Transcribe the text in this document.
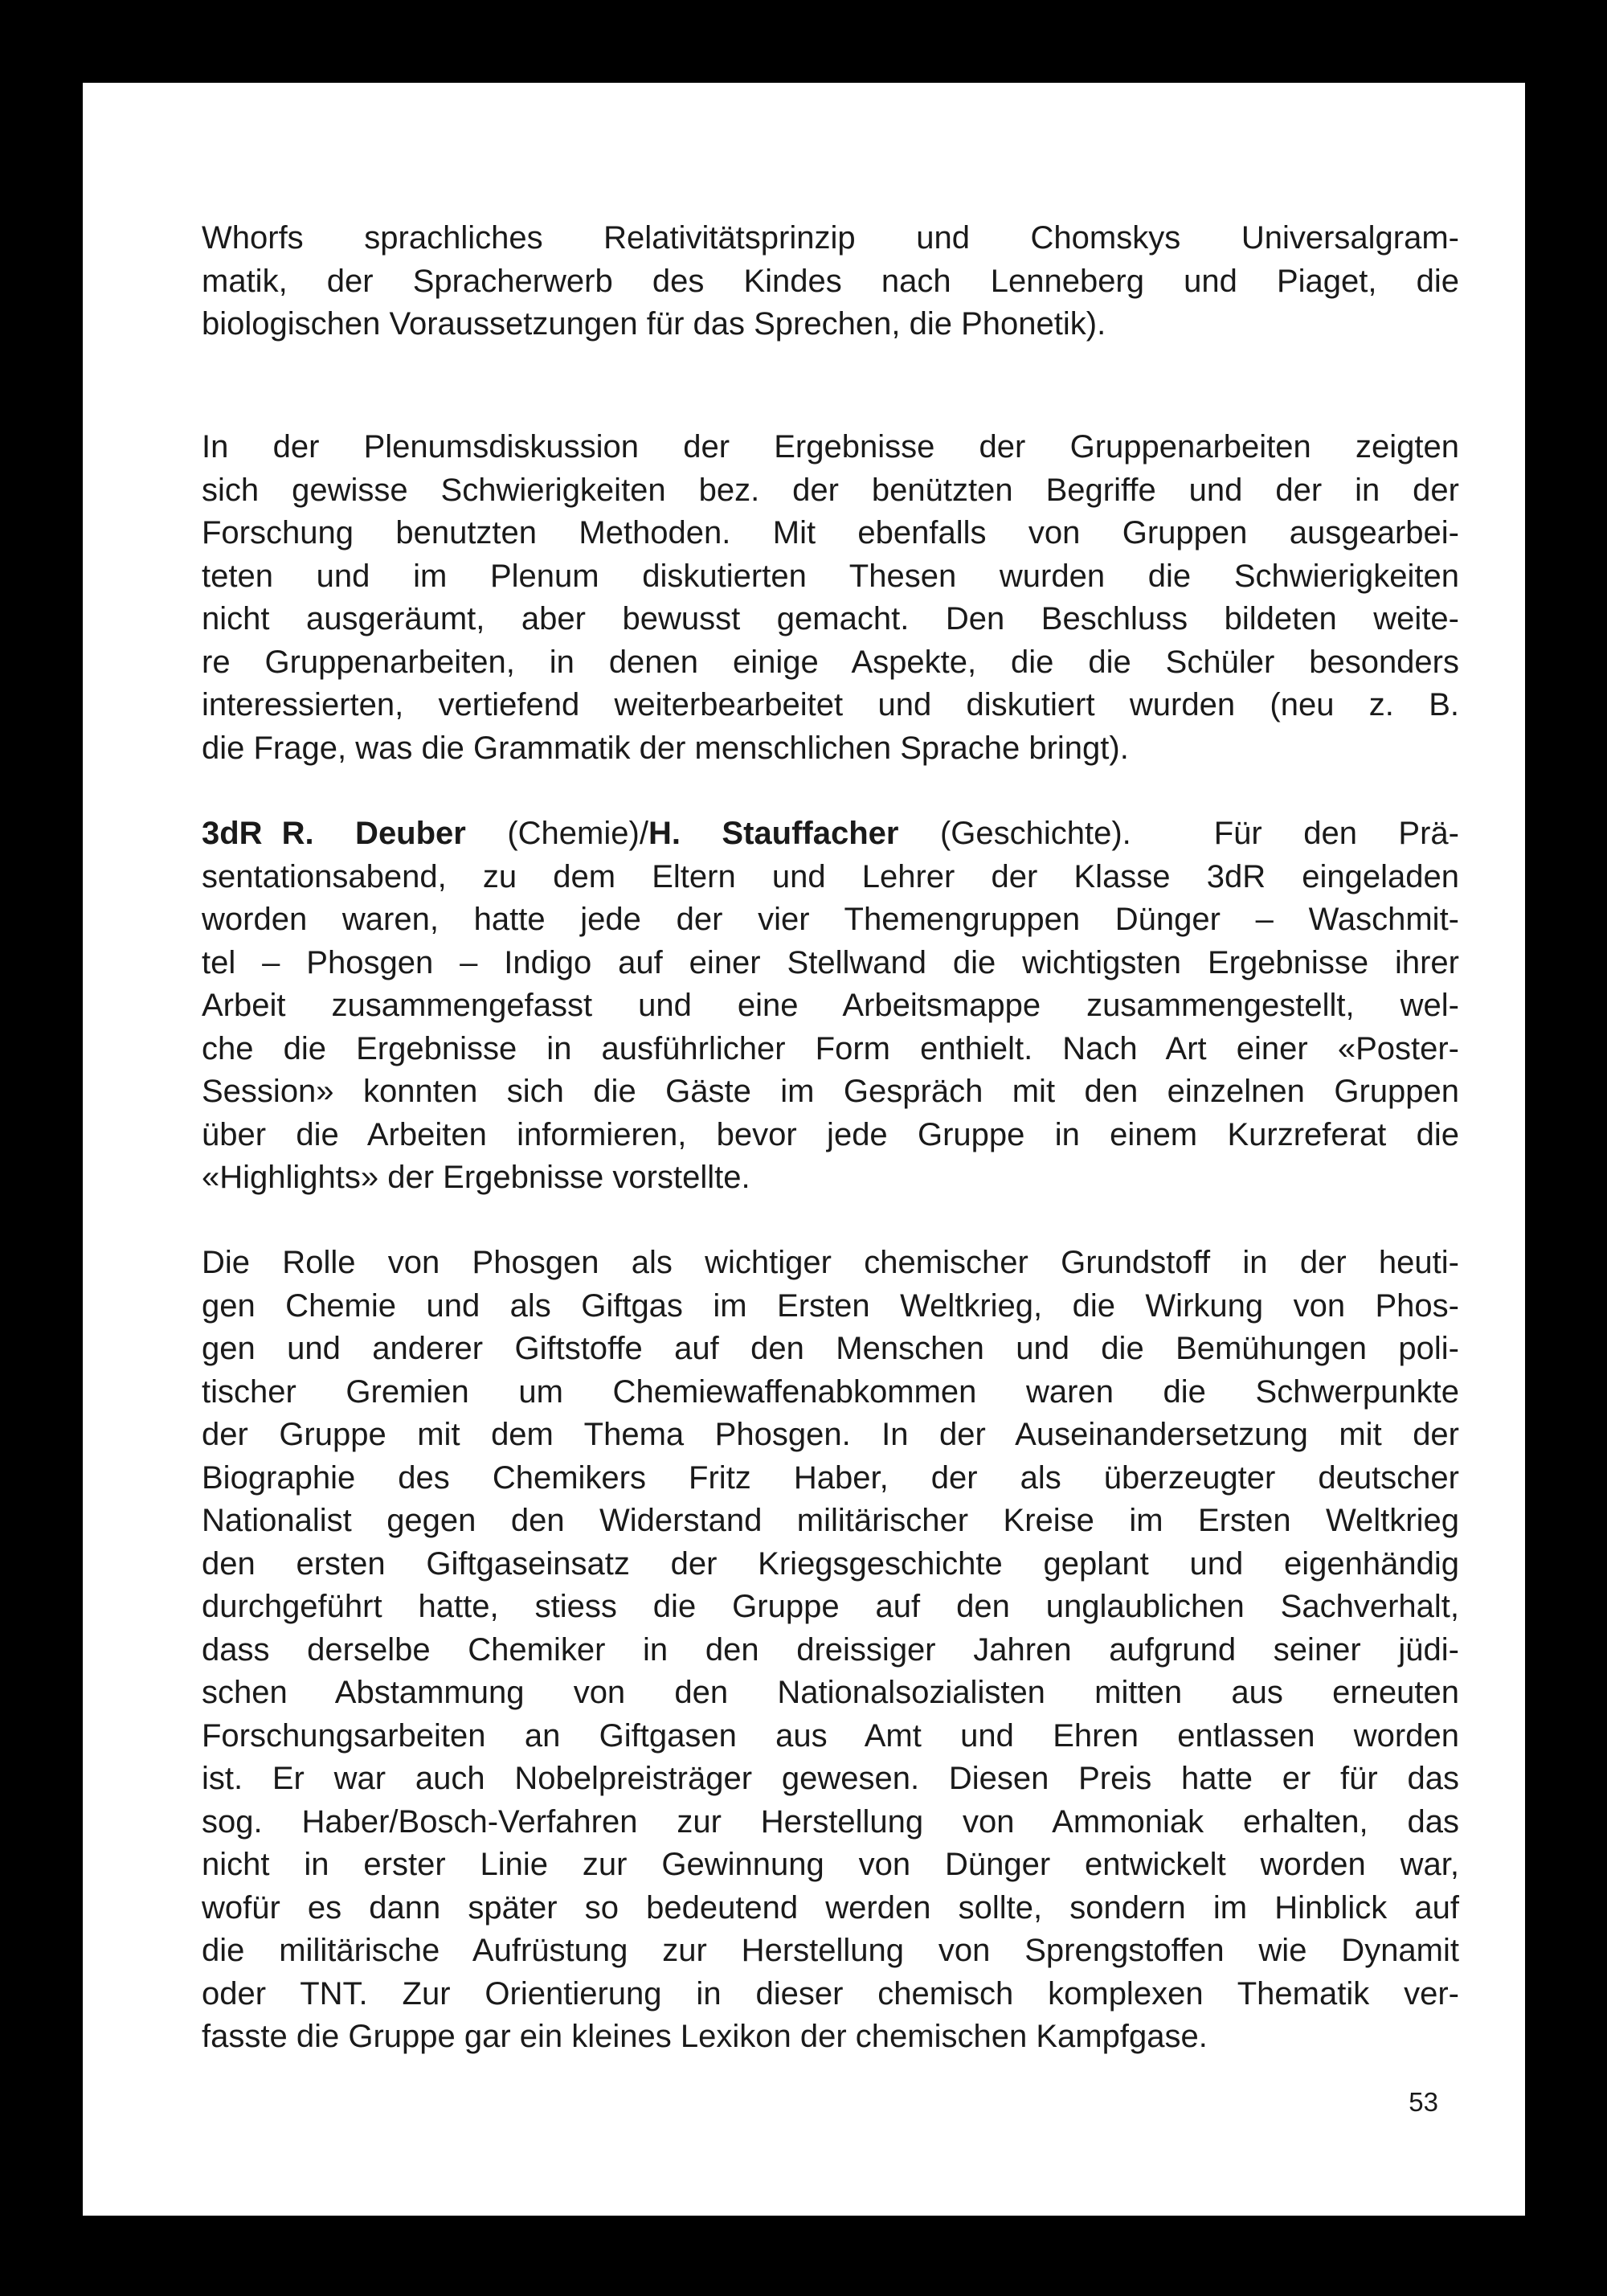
Whorfs sprachliches Relativitätsprinzip und Chomskys Universalgram-
matik, der Spracherwerb des Kindes nach Lenneberg und Piaget, die
biologischen Voraussetzungen für das Sprechen, die Phonetik).
In der Plenumsdiskussion der Ergebnisse der Gruppenarbeiten zeigten
sich gewisse Schwierigkeiten bez. der benützten Begriffe und der in der
Forschung benutzten Methoden. Mit ebenfalls von Gruppen ausgearbei-
teten und im Plenum diskutierten Thesen wurden die Schwierigkeiten
nicht ausgeräumt, aber bewusst gemacht. Den Beschluss bildeten weite-
re Gruppenarbeiten, in denen einige Aspekte, die die Schüler besonders
interessierten, vertiefend weiterbearbeitet und diskutiert wurden (neu z. B.
die Frage, was die Grammatik der menschlichen Sprache bringt).
3dR R. Deuber (Chemie)/H. Stauffacher (Geschichte).  Für den Prä-
sentationsabend, zu dem Eltern und Lehrer der Klasse 3dR eingeladen
worden waren, hatte jede der vier Themengruppen Dünger – Waschmit-
tel – Phosgen – Indigo auf einer Stellwand die wichtigsten Ergebnisse ihrer
Arbeit zusammengefasst und eine Arbeitsmappe zusammengestellt, wel-
che die Ergebnisse in ausführlicher Form enthielt. Nach Art einer «Poster-
Session» konnten sich die Gäste im Gespräch mit den einzelnen Gruppen
über die Arbeiten informieren, bevor jede Gruppe in einem Kurzreferat die
«Highlights» der Ergebnisse vorstellte.
Die Rolle von Phosgen als wichtiger chemischer Grundstoff in der heuti-
gen Chemie und als Giftgas im Ersten Weltkrieg, die Wirkung von Phos-
gen und anderer Giftstoffe auf den Menschen und die Bemühungen poli-
tischer Gremien um Chemiewaffenabkommen waren die Schwerpunkte
der Gruppe mit dem Thema Phosgen. In der Auseinandersetzung mit der
Biographie des Chemikers Fritz Haber, der als überzeugter deutscher
Nationalist gegen den Widerstand militärischer Kreise im Ersten Weltkrieg
den ersten Giftgaseinsatz der Kriegsgeschichte geplant und eigenhändig
durchgeführt hatte, stiess die Gruppe auf den unglaublichen Sachverhalt,
dass derselbe Chemiker in den dreissiger Jahren aufgrund seiner jüdi-
schen Abstammung von den Nationalsozialisten mitten aus erneuten
Forschungsarbeiten an Giftgasen aus Amt und Ehren entlassen worden
ist. Er war auch Nobelpreisträger gewesen. Diesen Preis hatte er für das
sog. Haber/Bosch-Verfahren zur Herstellung von Ammoniak erhalten, das
nicht in erster Linie zur Gewinnung von Dünger entwickelt worden war,
wofür es dann später so bedeutend werden sollte, sondern im Hinblick auf
die militärische Aufrüstung zur Herstellung von Sprengstoffen wie Dynamit
oder TNT. Zur Orientierung in dieser chemisch komplexen Thematik ver-
fasste die Gruppe gar ein kleines Lexikon der chemischen Kampfgase.
53
